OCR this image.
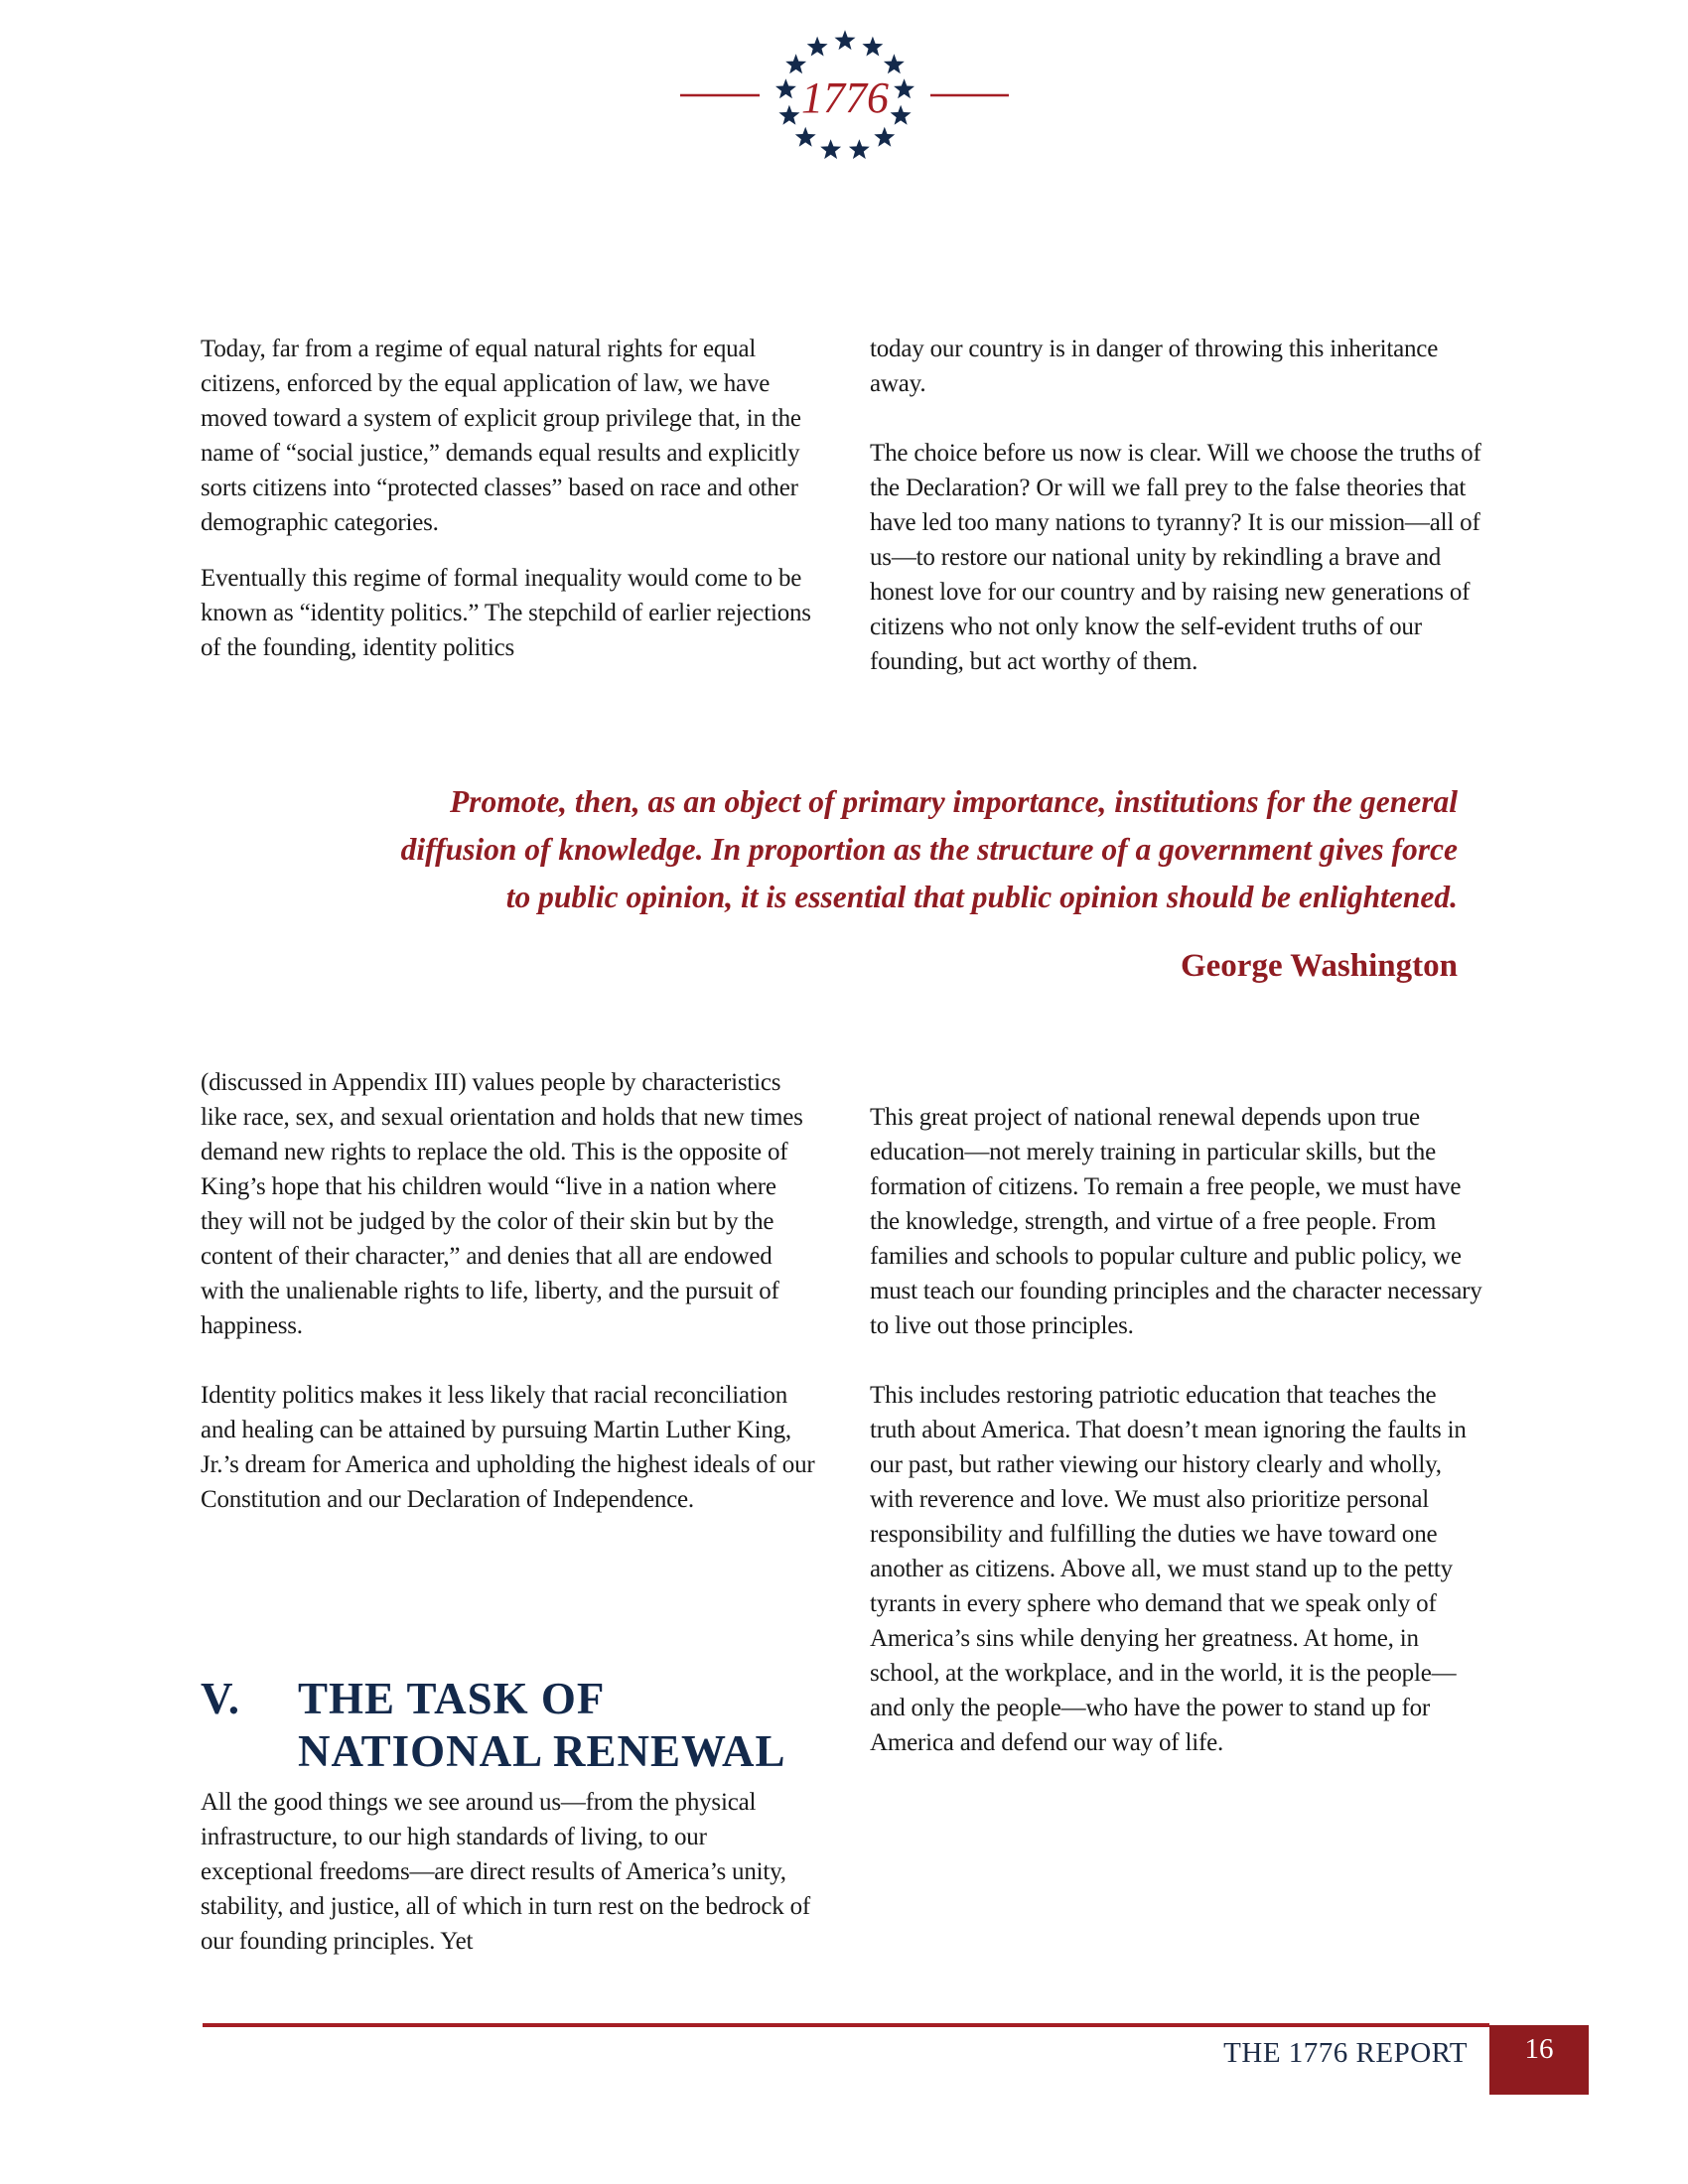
1776

Today, far from a regime of equal natural rights for equal citizens, enforced by the equal application of law, we have moved toward a system of explicit group privilege that, in the name of “social justice,” demands equal results and explicitly sorts citizens into “protected classes” based on race and other demographic categories.

Eventually this regime of formal inequality would come to be known as “identity politics.” The stepchild of earlier rejections of the founding, identity politics

today our country is in danger of throwing this inheritance away.

The choice before us now is clear. Will we choose the truths of the Declaration? Or will we fall prey to the false theories that have led too many nations to tyranny? It is our mission—all of us—to restore our national unity by rekindling a brave and honest love for our country and by raising new generations of citizens who not only know the self-evident truths of our founding, but act worthy of them.

Promote, then, as an object of primary importance, institutions for the general
diffusion of knowledge. In proportion as the structure of a government gives force
to public opinion, it is essential that public opinion should be enlightened.
George Washington

(discussed in Appendix III) values people by characteristics like race, sex, and sexual orientation and holds that new times demand new rights to replace the old. This is the opposite of King’s hope that his children would “live in a nation where they will not be judged by the color of their skin but by the content of their character,” and denies that all are endowed with the unalienable rights to life, liberty, and the pursuit of happiness.

Identity politics makes it less likely that racial reconciliation and healing can be attained by pursuing Martin Luther King, Jr.’s dream for America and upholding the highest ideals of our Constitution and our Declaration of Independence.

V. THE TASK OF
NATIONAL RENEWAL

All the good things we see around us—from the physical infrastructure, to our high standards of living, to our exceptional freedoms—are direct results of America’s unity, stability, and justice, all of which in turn rest on the bedrock of our founding principles. Yet

This great project of national renewal depends upon true education—not merely training in particular skills, but the formation of citizens. To remain a free people, we must have the knowledge, strength, and virtue of a free people. From families and schools to popular culture and public policy, we must teach our founding principles and the character necessary to live out those principles.

This includes restoring patriotic education that teaches the truth about America. That doesn’t mean ignoring the faults in our past, but rather viewing our history clearly and wholly, with reverence and love. We must also prioritize personal responsibility and fulfilling the duties we have toward one another as citizens. Above all, we must stand up to the petty tyrants in every sphere who demand that we speak only of America’s sins while denying her greatness. At home, in school, at the workplace, and in the world, it is the people—and only the people—who have the power to stand up for America and defend our way of life.

THE 1776 REPORT	16
